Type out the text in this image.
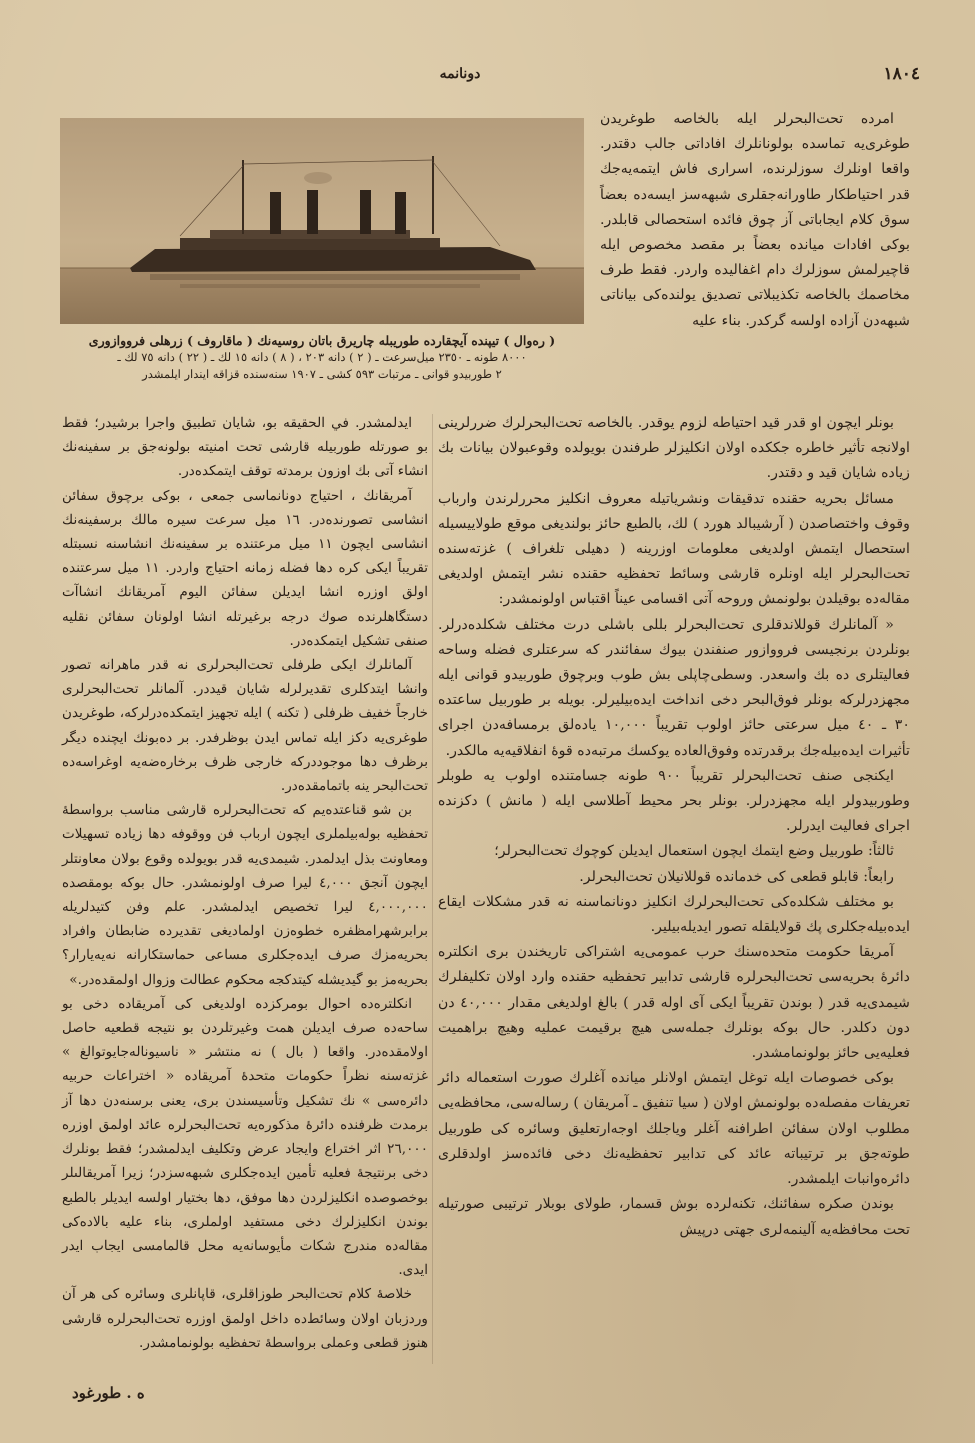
١٨٠٤
دونانمه

امرده تحت‌البحرلر ايله بالخاصه طوغريدن طوغرى‌يه تماسده بولونانلرك افاداتى جالب دقتدر. واقعا اونلرك سوزلرنده، اسرارى فاش ايتمه‌يه‌جك قدر احتياطكار طاورانه‌جقلرى شبهه‌سز ايسه‌ده بعضاً سوق كلام ايجاباتى آز چوق فائده استحصالى قابلدر. بوكى افادات ميانده بعضاً بر مقصد مخصوص ايله قاچيرلمش سوزلرك دام اغفاليده واردر. فقط طرف مخاصمك بالخاصه تكذيبلاتى تصديق يولنده‌كى بياناتى شبهه‌دن آزاده اولسه گركدر. بناء عليه

( ره‌وال ) تيپنده آيچقارده طوريبله چاريرق باتان روسيه‌نك ( ماقاروف ) زرهلی فرووازوری
٨٠٠٠ طونه ـ ٢٣٥٠ ميل‌سرعت ـ ( ٢ ) دانه ٢٠٣ ، ( ٨ ) دانه ١٥ لك ـ ( ٢٢ ) دانه ٧٥ لك ـ
٢ طوربيدو قوانى ـ مرتبات ٥٩٣ كشى ـ ١٩٠٧ سنه‌سنده قزاقه ايندار ايلمشدر

بونلر ايچون او قدر قيد احتياطه لزوم يوقدر. بالخاصه تحت‌البحرلرك ضررلرينى اولانجه تأثير خاطره جككده اولان انكليزلر طرفندن بويولده وقوعبولان بيانات بك زياده شايان قيد و دقتدر.

مسائل بحريه حقنده تدقيقات ونشرياتيله معروف انكليز محررلرندن وارباب وقوف واختصاصدن ( آرشيبالد هورد ) لك، بالطبع حائز بولنديغى موقع طولاييسيله استحصال ايتمش اولديغى معلومات اوزرينه ( دهيلى تلغراف ) غزته‌سنده تحت‌البحرلر ايله اونلره قارشى وسائط تحفظيه حقنده نشر ايتمش اولديغى مقاله‌ده بوقيلدن بولونمش وروحه آتى اقسامى عيناً اقتباس اولونمشدر:

« آلمانلرك قوللاندقلرى تحت‌البحرلر بللى باشلى درت مختلف شكلده‌درلر. بونلردن برنجيسى فرووازور صنفندن بيوك سفائندر كه سرعتلرى فضله وساحه فعاليتلرى ده بك واسعدر. وسطى‌چاپلى بش طوب وبرچوق طوربيدو قوانى ايله مجهزدرلركه بونلر فوق‌البحر دخى انداخت ايده‌بيليرلر. بويله بر طوربيل ساعتده ٣٠ ـ ٤٠ ميل سرعتى حائز اولوب تقريباً ١٠,٠٠٠ يادەلق برمسافه‌دن اجراى تأثيرات ايده‌بيله‌جك برقدرتده وفوق‌العاده يوكسك مرتبه‌ده قوهٔ انفلاقيه‌يه مالكدر.

ايكنجى صنف تحت‌البحرلر تقريباً ٩٠٠ طونه جسامتنده اولوب يه طوبلر وطوربيدولر ايله مجهزدرلر. بونلر بحر محيط آطلاسى ايله ( مانش ) دكزنده اجراى فعاليت ايدرلر.

ثالثاً: طوربيل وضع ايتمك ايچون استعمال ايديلن كوچوك تحت‌البحرلر؛

رابعاً: قابلو قطعى كى خدمانده قوللانيلان تحت‌البحرلر.

بو مختلف شكلده‌كى تحت‌البحرلرك انكليز دونانماسنه نه قدر مشكلات ايقاع ايده‌بيله‌جكلرى پك قولايلقله تصور ايديله‌بيلير.

آمريقا حكومت متحده‌سنك حرب عمومى‌يه اشتراكى تاريخندن برى انكلتره دائرهٔ بحريه‌سى تحت‌البحرلره قارشى تدابير تحفظيه حقنده وارد اولان تكليفلرك شيمدى‌يه قدر ( بوندن تقريباً ايكى آى اوله قدر ) بالغ اولديغى مقدار ٤٠,٠٠٠ دن دون دكلدر. حال بوكه بونلرك جمله‌سى هيچ برقيمت عمليه وهيچ براهميت فعليه‌يى حائز بولونمامشدر.

بوكى خصوصات ايله توغل ايتمش اولانلر ميانده آغلرك صورت استعماله دائر تعريفات مفصله‌ده بولونمش اولان ( سيا تنفيق ـ آمريقان ) رساله‌سى، محافظه‌يى مطلوب اولان سفائن اطرافنه آغلر وياجلك اوجه‌ارتعليق وسائره كى طوربيل طوته‌جق بر ترتيباته عائد كى تدابير تحفظيه‌نك دخى فائده‌سز اولدقلرى دائره‌وانبات ايلمشدر.

بوندن صكره سفائنك، تكنه‌لرده بوش قسمار، طولاى بوبلار ترتيبى صورتيله تحت محافظه‌يه آلينمه‌لرى جهتى درپيش

ايدلمشدر. في الحقيقه بو، شايان تطبيق واجرا برشيدر؛ فقط بو صورتله طوربيله قارشى تحت امنيته بولونه‌جق بر سفينه‌نك انشاء آتى بك اوزون برمدته توقف ايتمكده‌در.

آمريقانك ، احتياج دونانماسى جمعى ، بوكى برچوق سفائن انشاسى تصورنده‌در. ١٦ ميل سرعت سيره مالك برسفينه‌نك انشاسى ايچون ١١ ميل مرعتنده بر سفينه‌نك انشاسنه نسبتله تقريباً ايكى كره دها فضله زمانه احتياج واردر. ١١ ميل سرعتنده اولق اوزره انشا ايديلن سفائن اليوم آمريقانك انشاآت دستگاهلرنده صوك درجه برغيرتله انشا اولونان سفائن نقليه صنفى تشكيل ايتمكده‌در.

آلمانلرك ايكى طرفلى تحت‌البحرلرى نه قدر ماهرانه تصور وانشا ايتدكلرى تقديرلرله شايان قيددر. آلمانلر تحت‌البحرلرى خارجاً خفيف ظرفلى ( تكنه ) ايله تجهيز ايتمكده‌درلركه، طوغريدن طوغرى‌يه دكز ايله تماس ايدن بوظرفدر. بر دەبونك ايچنده ديگر برظرف دها موجوددركه خارجى ظرف برخاره‌ضه‌يه اوغراسه‌ده تحت‌البحر ينه باتمامقده‌در.

بن شو قناعتده‌يم كه تحت‌البحرلره قارشى مناسب برواسطهٔ تحفظيه بوله‌بيلملرى ايچون ارباب فن ووقوفه دها زياده تسهيلات ومعاونت بذل ايدلمدر. شيمدى‌يه قدر بويولده وقوع بولان معاونتلر ايچون آنجق ٤,٠٠٠ ليرا صرف اولونمشدر. حال بوكه بومقصده ٤,٠٠٠,٠٠٠ ليرا تخصيص ايدلمشدر. علم وفن كتيدلريله برابرشهرامظفره خطوه‌زن اولماديغى تقديرده ضابطان وافراد بحريه‌مزك صرف ايده‌جكلرى مساعى حماستكارانه نه‌يه‌يارار؟ بحريه‌مز بو گيديشله كيتدكجه محكوم عطالت وزوال اولمقده‌در.»

انكلتره‌ده احوال بومركزده اولديغى كى آمريقاده دخى بو ساحه‌ده صرف ايديلن همت وغيرتلردن بو نتيجه قطعيه حاصل اولامقده‌در. واقعا ( بال ) نه منتشر « ناسيونالەجايوتوالغ » غزته‌سنه نظراً حكومات متحدهٔ آمريقاده « اختراعات حربيه دائره‌سى » نك تشكيل وتأسيسندن برى، يعنى برسنه‌دن دها آز برمدت ظرفنده دائرهٔ مذكوره‌يه تحت‌البحرلره عائد اولمق اوزره ٢٦,٠٠٠ اثر اختراع وايجاد عرض وتكليف ايدلمشدر؛ فقط بونلرك دخى برنتيجهٔ فعليه تأمين ايده‌جكلرى شبهه‌سزدر؛ زيرا آمريقالىلر بوخصوصده انكليزلردن دها موفق، دها بختيار اولسه ايديلر بالطبع بوندن انكليزلرك دخى مستفيد اولملرى، بناء عليه بالاده‌كى مقاله‌ده مندرج شكات مأيوسانه‌يه محل قالمامسى ايجاب ايدر ايدى.

خلاصهٔ كلام تحت‌البحر طوزاقلرى، قاپانلرى وسائره كى هر آن وردزبان اولان وسائط‌ده داخل اولمق اوزره تحت‌البحرلره قارشى هنوز قطعى وعملى برواسطهٔ تحفظيه بولونمامشدر.

ه . طورغود
